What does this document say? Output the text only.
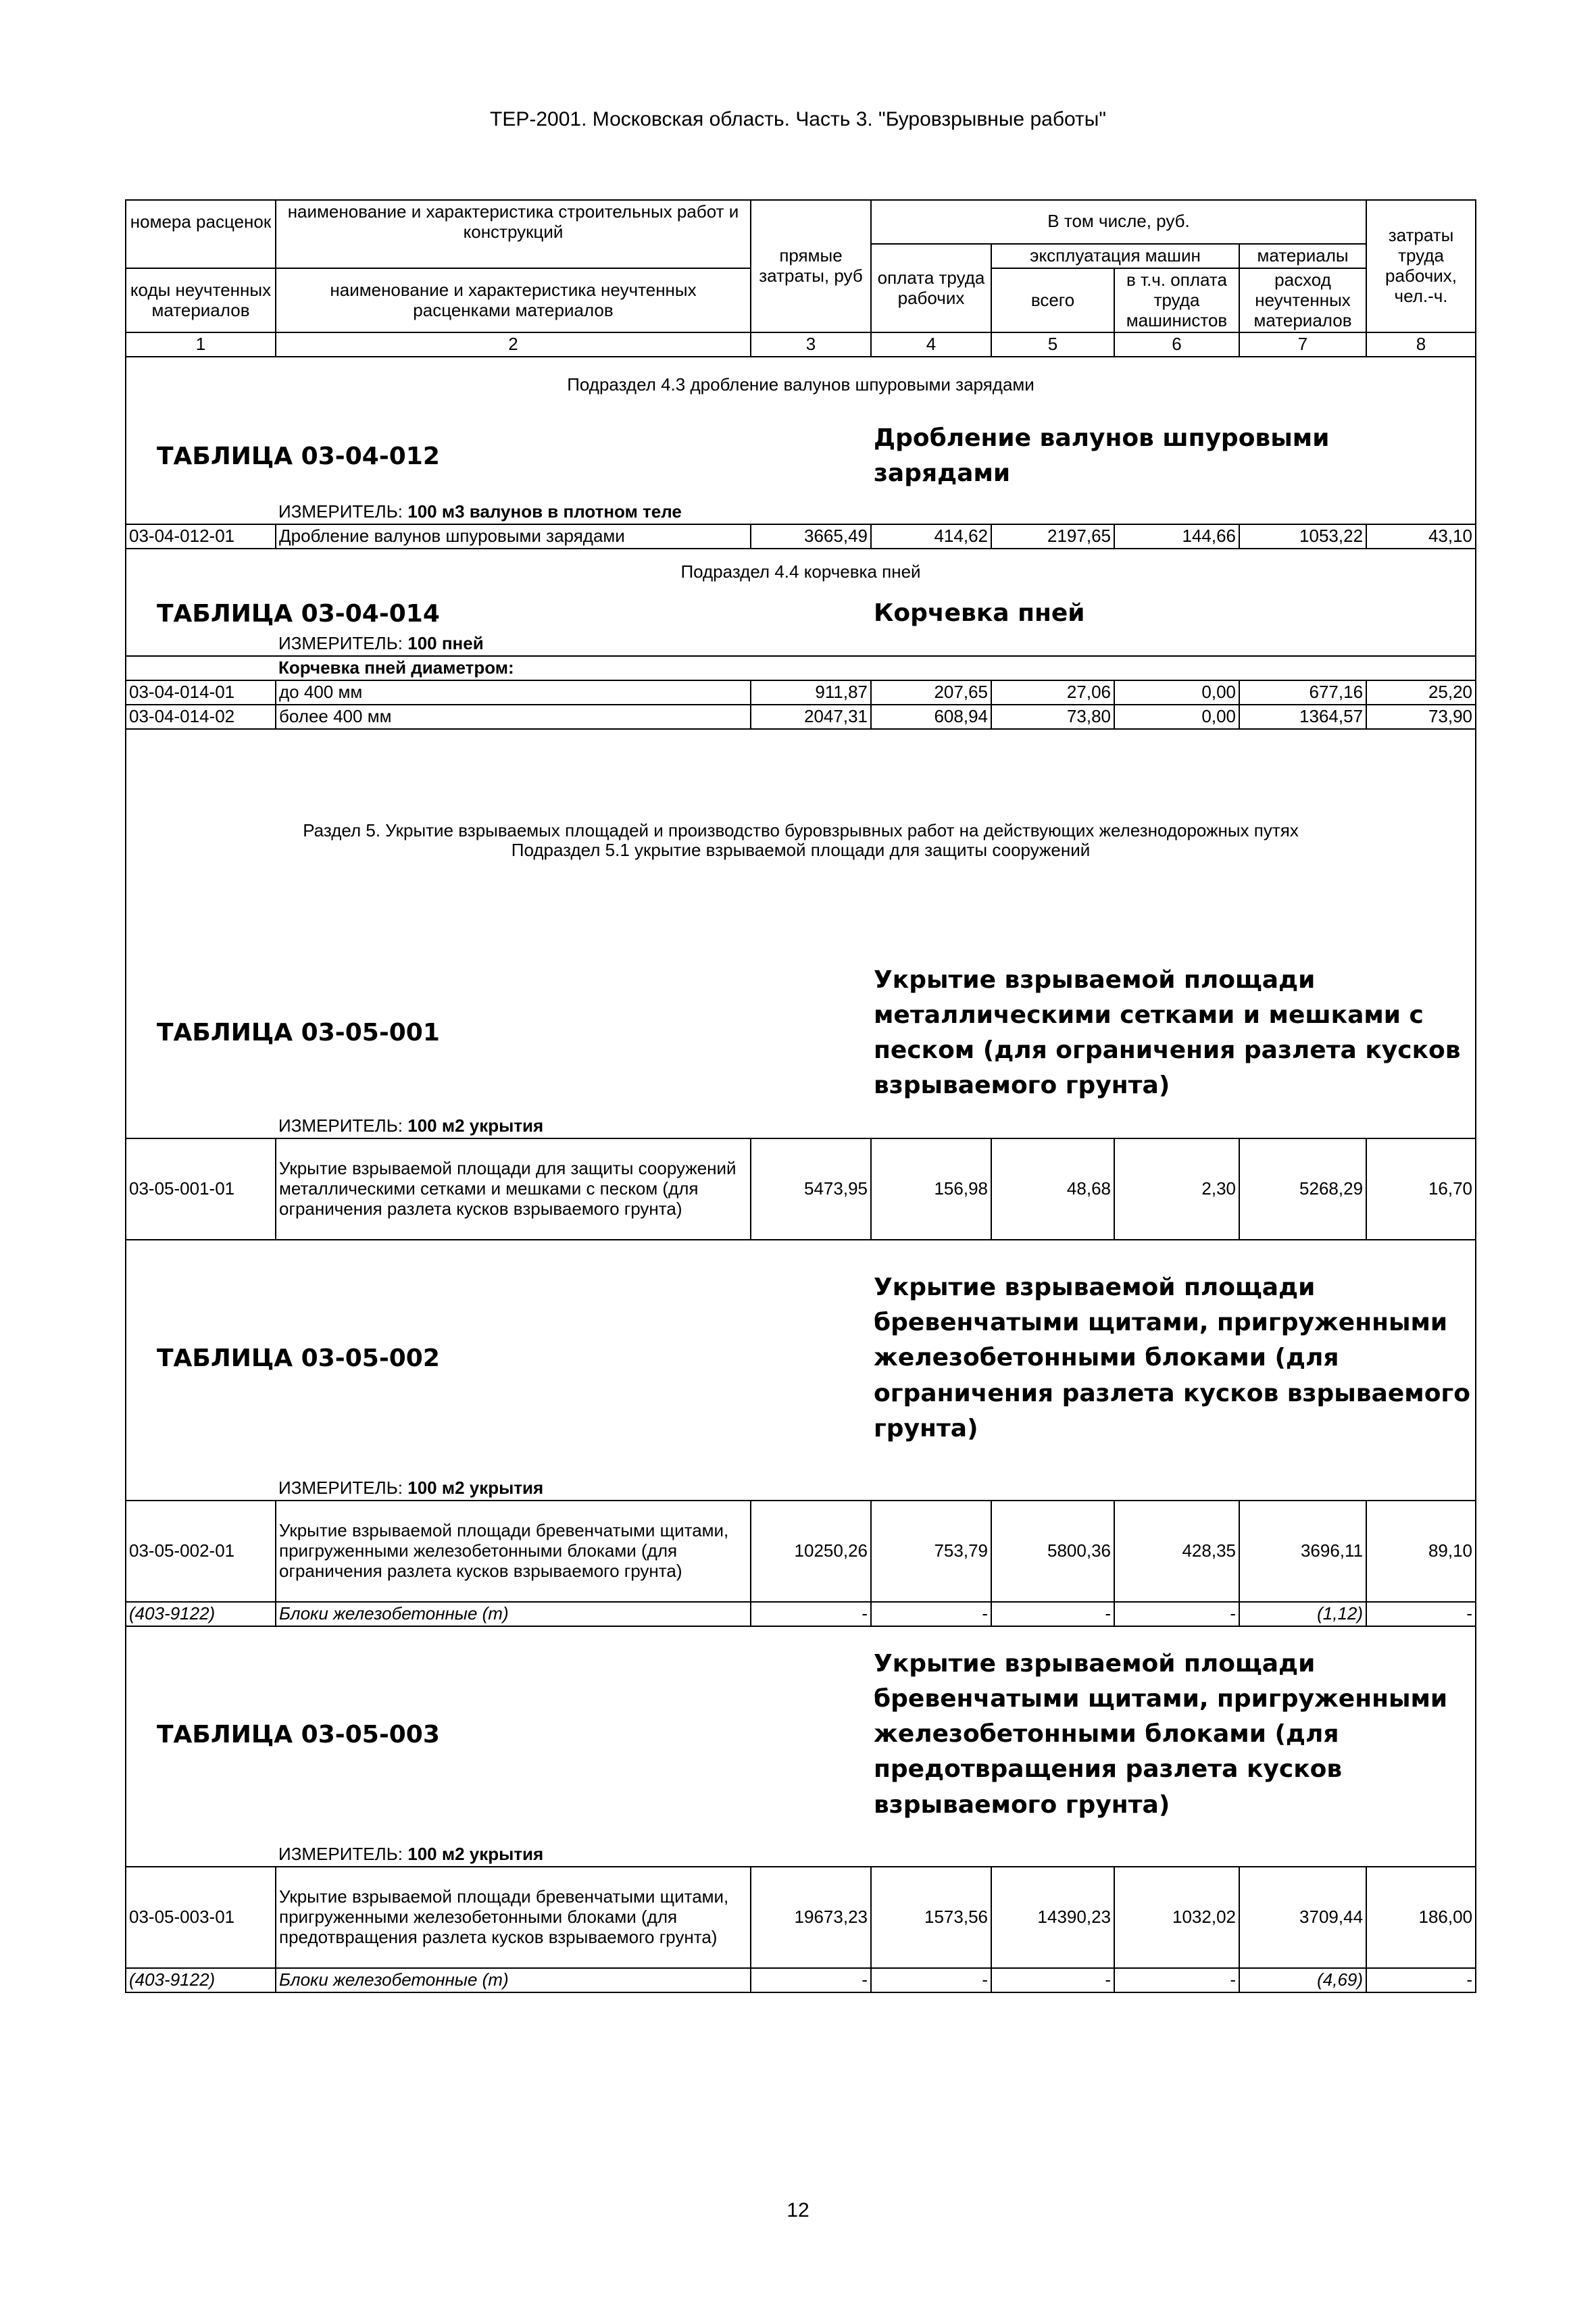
ТЕР-2001. Московская область. Часть 3. "Буровзрывные работы"
номера расценок	наименование и характеристика строительных работ и конструкций	прямые затраты, руб	В том числе, руб.				затраты труда рабочих, чел.-ч.
			оплата труда рабочих	эксплуатация машин		материалы	
коды неучтенных материалов	наименование и характеристика неучтенных расценками материалов			всего	в т.ч. оплата труда машинистов	расход неучтенных материалов	

1	2	3	4	5	6	7	8
Подраздел 4.3 дробление валунов шпуровыми зарядами							
ТАБЛИЦА 03-04-012			Дробление валунов шпуровыми зарядами				
	ИЗМЕРИТЕЛЬ: 100 м3 валунов в плотном теле						
03-04-012-01	Дробление валунов шпуровыми зарядами	3665,49	414,62	2197,65	144,66	1053,22	43,10
Подраздел 4.4 корчевка пней							
ТАБЛИЦА 03-04-014			Корчевка пней				
	ИЗМЕРИТЕЛЬ: 100 пней						
	Корчевка пней диаметром:						
03-04-014-01	до 400 мм	911,87	207,65	27,06	0,00	677,16	25,20
03-04-014-02	более 400 мм	2047,31	608,94	73,80	0,00	1364,57	73,90

Раздел 5. Укрытие взрываемых площадей и производство буровзрывных работ на действующих железнодорожных путях
Подраздел 5.1 укрытие взрываемой площади для защиты сооружений							

ТАБЛИЦА 03-05-001			Укрытие взрываемой площади металлическими сетками и мешками с песком (для ограничения разлета кусков взрываемого грунта)				

	ИЗМЕРИТЕЛЬ: 100 м2 укрытия						
03-05-001-01	Укрытие взрываемой площади для защиты сооружений металлическими сетками и мешками с песком (для ограничения разлета кусков взрываемого грунта)	5473,95	156,98	48,68	2,30	5268,29	16,70
ТАБЛИЦА 03-05-002			Укрытие взрываемой площади бревенчатыми щитами, пригруженными железобетонными блоками (для ограничения разлета кусков взрываемого грунта)				

	ИЗМЕРИТЕЛЬ: 100 м2 укрытия						
03-05-002-01	Укрытие взрываемой площади бревенчатыми щитами, пригруженными железобетонными блоками (для ограничения разлета кусков взрываемого грунта)	10250,26	753,79	5800,36	428,35	3696,11	89,10
(403-9122)	Блоки железобетонные (т)	-	-	-	-	(1,12)	-
ТАБЛИЦА 03-05-003			Укрытие взрываемой площади бревенчатыми щитами, пригруженными железобетонными блоками (для предотвращения разлета кусков взрываемого грунта)				

	ИЗМЕРИТЕЛЬ: 100 м2 укрытия						
03-05-003-01	Укрытие взрываемой площади бревенчатыми щитами, пригруженными железобетонными блоками (для предотвращения разлета кусков взрываемого грунта)	19673,23	1573,56	14390,23	1032,02	3709,44	186,00
(403-9122)	Блоки железобетонные (т)	-	-	-	-	(4,69)	-
12
